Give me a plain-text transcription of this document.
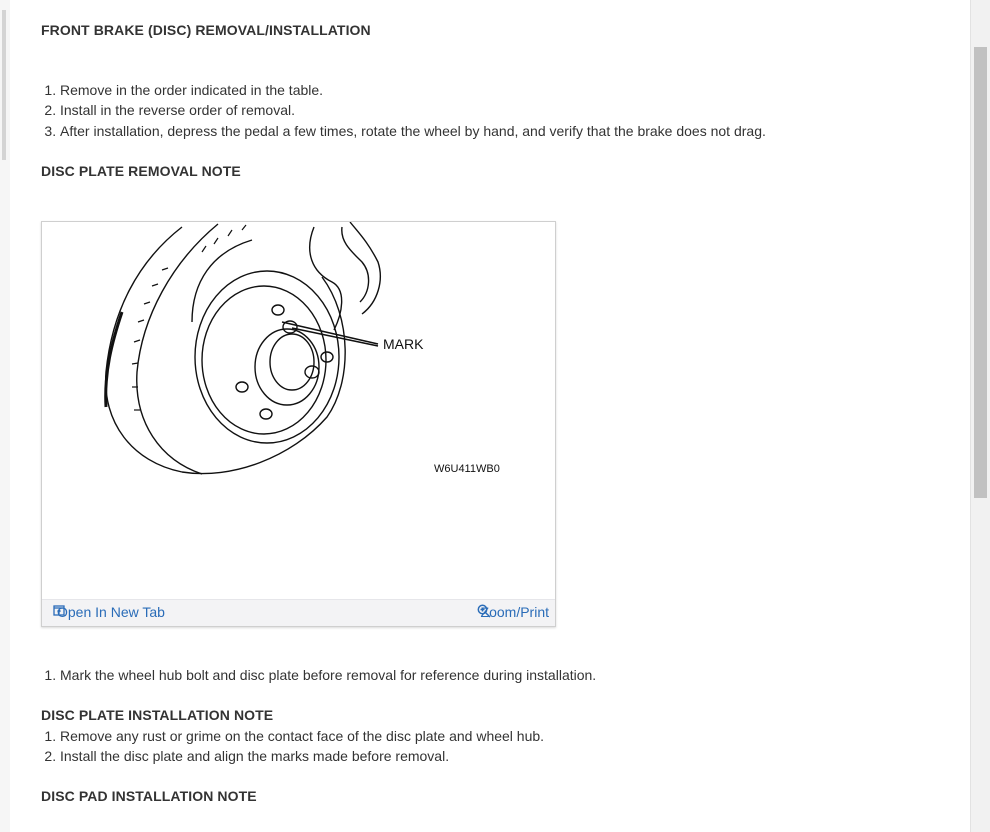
FRONT BRAKE (DISC) REMOVAL/INSTALLATION
1. Remove in the order indicated in the table.
2. Install in the reverse order of removal.
3. After installation, depress the pedal a few times, rotate the wheel by hand, and verify that the brake does not drag.
DISC PLATE REMOVAL NOTE
MARK
W6U411WB0
Open In New Tab	Zoom/Print
1. Mark the wheel hub bolt and disc plate before removal for reference during installation.
DISC PLATE INSTALLATION NOTE
1. Remove any rust or grime on the contact face of the disc plate and wheel hub.
2. Install the disc plate and align the marks made before removal.
DISC PAD INSTALLATION NOTE
